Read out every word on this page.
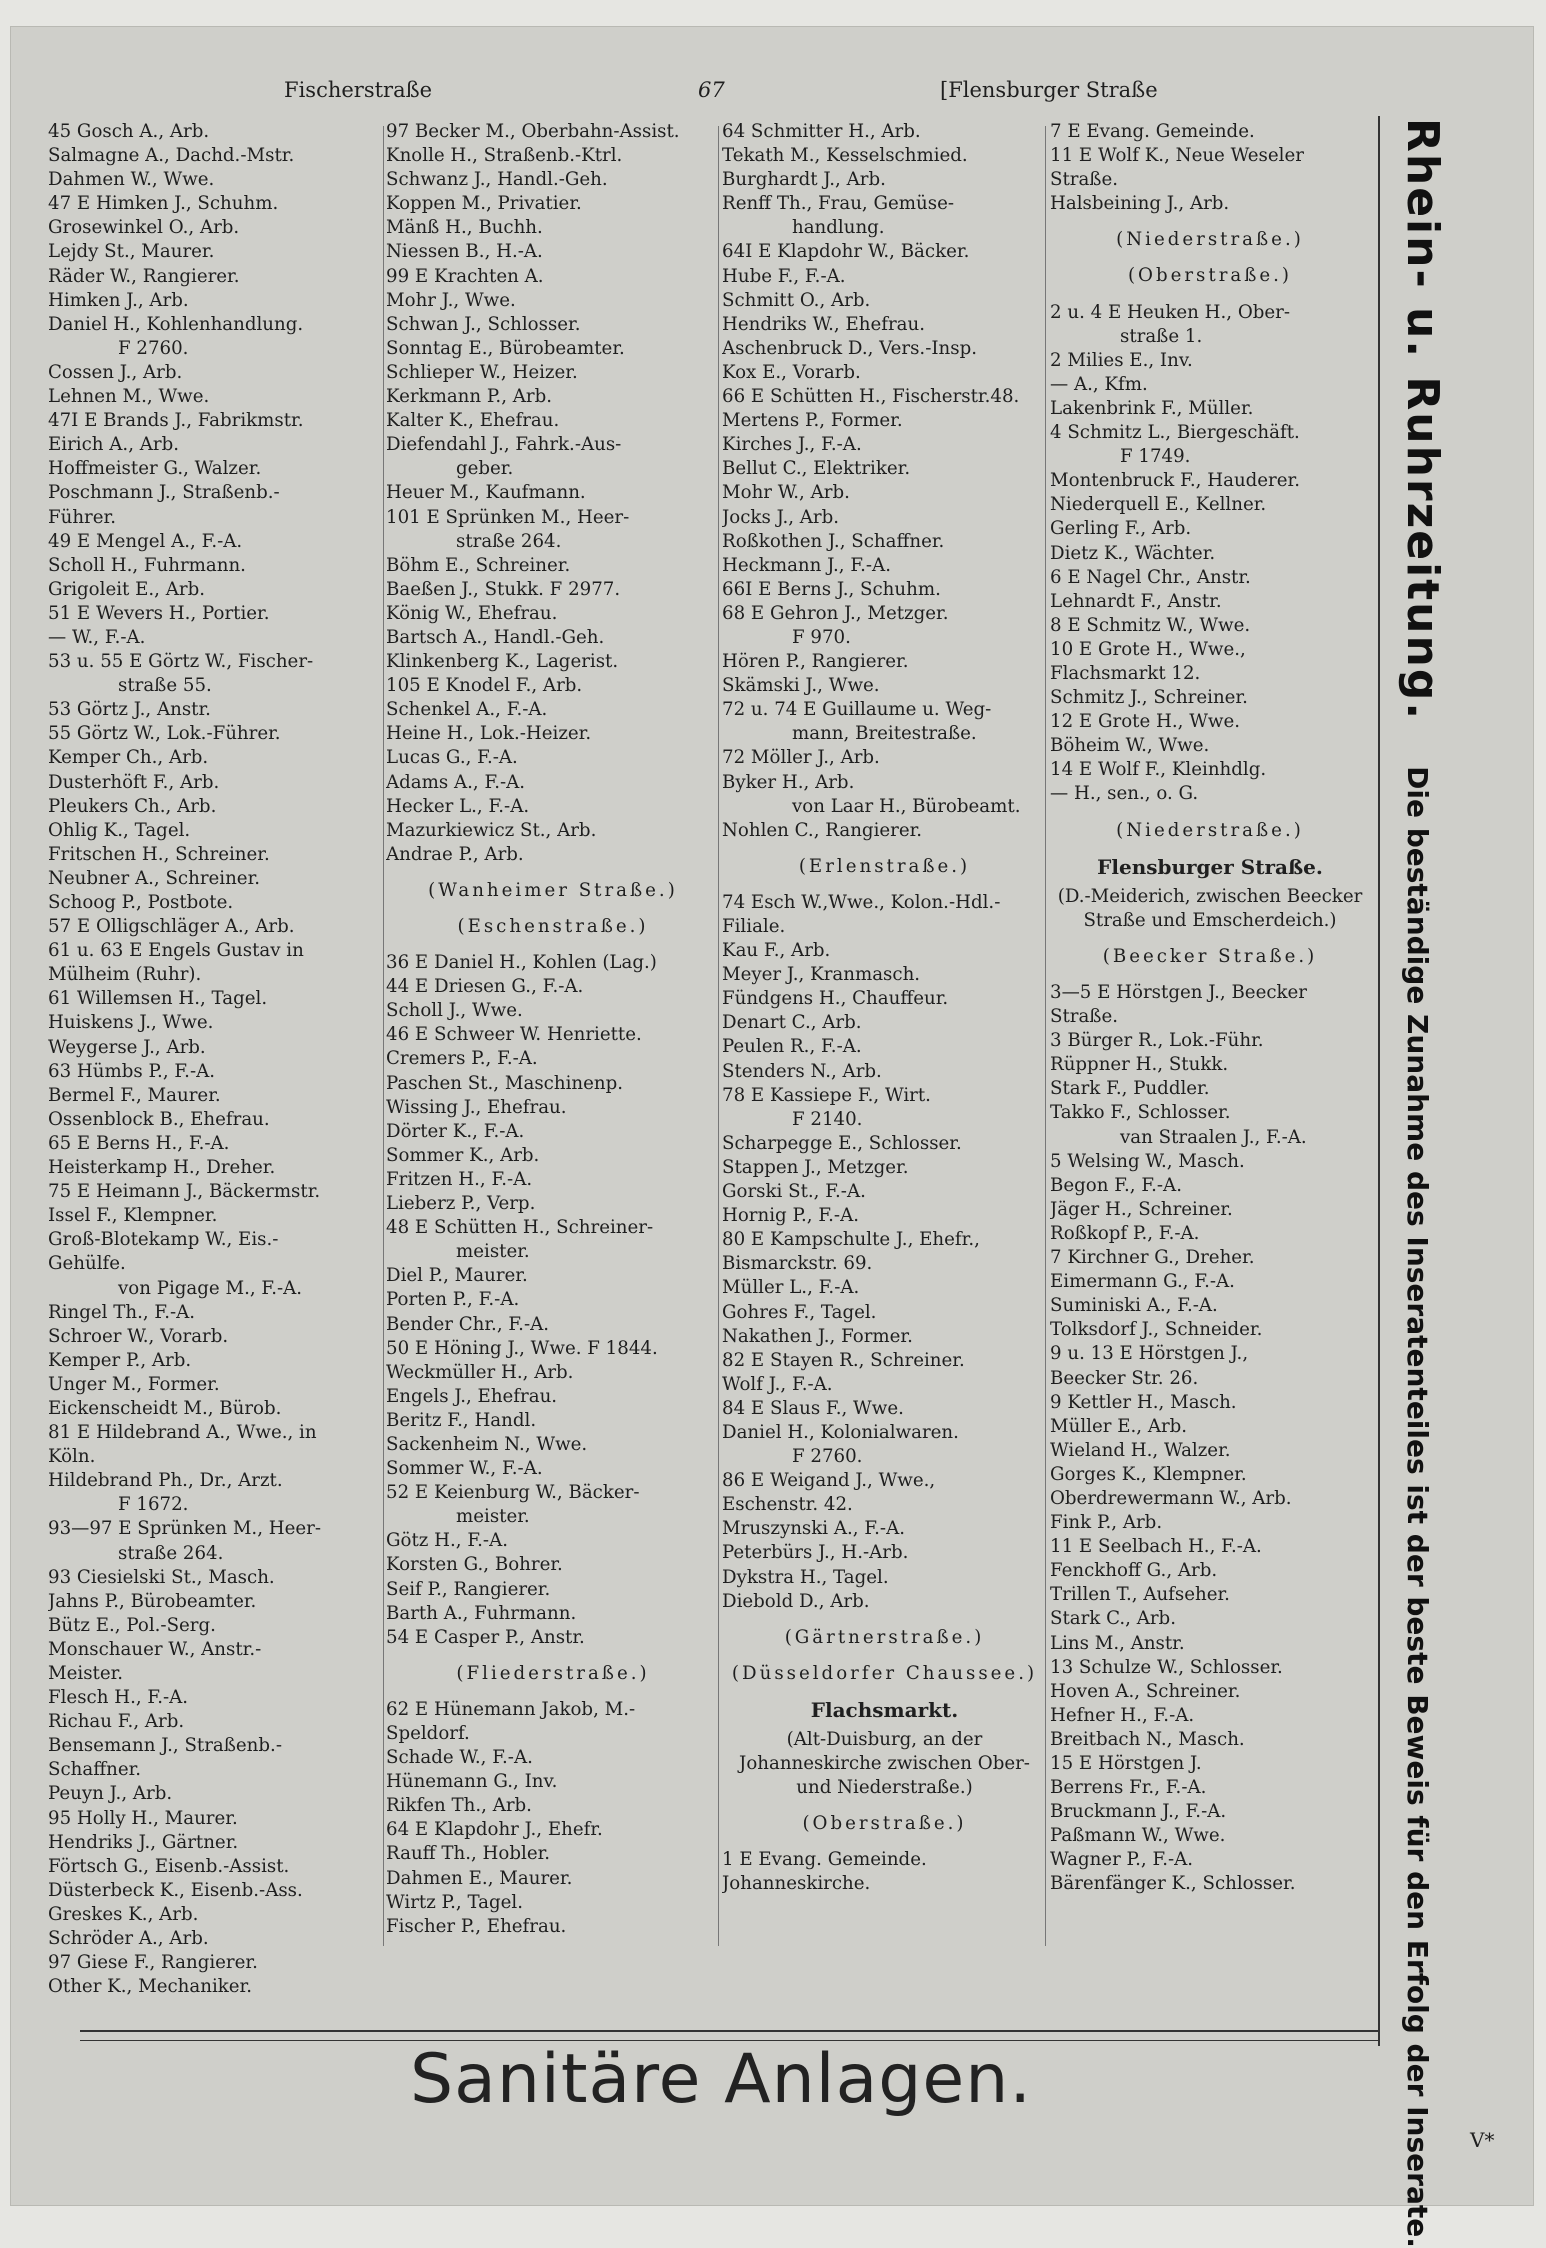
Fischerstraße	67	[Flensburger Straße
45 Gosch A., Arb.
Salmagne A., Dachd.-Mstr.
Dahmen W., Wwe.
47 E Himken J., Schuhm.
Grosewinkel O., Arb.
Lejdy St., Maurer.
Räder W., Rangierer.
Himken J., Arb.
Daniel H., Kohlenhandlung.
F 2760.
Cossen J., Arb.
Lehnen M., Wwe.
47I E Brands J., Fabrikmstr.
Eirich A., Arb.
Hoffmeister G., Walzer.
Poschmann J., Straßenb.-
Führer.
49 E Mengel A., F.-A.
Scholl H., Fuhrmann.
Grigoleit E., Arb.
51 E Wevers H., Portier.
— W., F.-A.
53 u. 55 E Görtz W., Fischer-
straße 55.
53 Görtz J., Anstr.
55 Görtz W., Lok.-Führer.
Kemper Ch., Arb.
Dusterhöft F., Arb.
Pleukers Ch., Arb.
Ohlig K., Tagel.
Fritschen H., Schreiner.
Neubner A., Schreiner.
Schoog P., Postbote.
57 E Olligschläger A., Arb.
61 u. 63 E Engels Gustav in
Mülheim (Ruhr).
61 Willemsen H., Tagel.
Huiskens J., Wwe.
Weygerse J., Arb.
63 Hümbs P., F.-A.
Bermel F., Maurer.
Ossenblock B., Ehefrau.
65 E Berns H., F.-A.
Heisterkamp H., Dreher.
75 E Heimann J., Bäckermstr.
Issel F., Klempner.
Groß-Blotekamp W., Eis.-
Gehülfe.
von Pigage M., F.-A.
Ringel Th., F.-A.
Schroer W., Vorarb.
Kemper P., Arb.
Unger M., Former.
Eickenscheidt M., Bürob.
81 E Hildebrand A., Wwe., in
Köln.
Hildebrand Ph., Dr., Arzt.
F 1672.
93—97 E Sprünken M., Heer-
straße 264.
93 Ciesielski St., Masch.
Jahns P., Bürobeamter.
Bütz E., Pol.-Serg.
Monschauer W., Anstr.-
Meister.
Flesch H., F.-A.
Richau F., Arb.
Bensemann J., Straßenb.-
Schaffner.
Peuyn J., Arb.
95 Holly H., Maurer.
Hendriks J., Gärtner.
Förtsch G., Eisenb.-Assist.
Düsterbeck K., Eisenb.-Ass.
Greskes K., Arb.
Schröder A., Arb.
97 Giese F., Rangierer.
Other K., Mechaniker.
97 Becker M., Oberbahn-Assist.
Knolle H., Straßenb.-Ktrl.
Schwanz J., Handl.-Geh.
Koppen M., Privatier.
Mänß H., Buchh.
Niessen B., H.-A.
99 E Krachten A.
Mohr J., Wwe.
Schwan J., Schlosser.
Sonntag E., Bürobeamter.
Schlieper W., Heizer.
Kerkmann P., Arb.
Kalter K., Ehefrau.
Diefendahl J., Fahrk.-Aus-
geber.
Heuer M., Kaufmann.
101 E Sprünken M., Heer-
straße 264.
Böhm E., Schreiner.
Baeßen J., Stukk. F 2977.
König W., Ehefrau.
Bartsch A., Handl.-Geh.
Klinkenberg K., Lagerist.
105 E Knodel F., Arb.
Schenkel A., F.-A.
Heine H., Lok.-Heizer.
Lucas G., F.-A.
Adams A., F.-A.
Hecker L., F.-A.
Mazurkiewicz St., Arb.
Andrae P., Arb.
(Wanheimer Straße.)
(Eschenstraße.)
36 E Daniel H., Kohlen (Lag.)
44 E Driesen G., F.-A.
Scholl J., Wwe.
46 E Schweer W. Henriette.
Cremers P., F.-A.
Paschen St., Maschinenp.
Wissing J., Ehefrau.
Dörter K., F.-A.
Sommer K., Arb.
Fritzen H., F.-A.
Lieberz P., Verp.
48 E Schütten H., Schreiner-
meister.
Diel P., Maurer.
Porten P., F.-A.
Bender Chr., F.-A.
50 E Höning J., Wwe. F 1844.
Weckmüller H., Arb.
Engels J., Ehefrau.
Beritz F., Handl.
Sackenheim N., Wwe.
Sommer W., F.-A.
52 E Keienburg W., Bäcker-
meister.
Götz H., F.-A.
Korsten G., Bohrer.
Seif P., Rangierer.
Barth A., Fuhrmann.
54 E Casper P., Anstr.
(Fliederstraße.)
62 E Hünemann Jakob, M.-
Speldorf.
Schade W., F.-A.
Hünemann G., Inv.
Rikfen Th., Arb.
64 E Klapdohr J., Ehefr.
Rauff Th., Hobler.
Dahmen E., Maurer.
Wirtz P., Tagel.
Fischer P., Ehefrau.
64 Schmitter H., Arb.
Tekath M., Kesselschmied.
Burghardt J., Arb.
Renff Th., Frau, Gemüse-
handlung.
64I E Klapdohr W., Bäcker.
Hube F., F.-A.
Schmitt O., Arb.
Hendriks W., Ehefrau.
Aschenbruck D., Vers.-Insp.
Kox E., Vorarb.
66 E Schütten H., Fischerstr.48.
Mertens P., Former.
Kirches J., F.-A.
Bellut C., Elektriker.
Mohr W., Arb.
Jocks J., Arb.
Roßkothen J., Schaffner.
Heckmann J., F.-A.
66I E Berns J., Schuhm.
68 E Gehron J., Metzger.
F 970.
Hören P., Rangierer.
Skämski J., Wwe.
72 u. 74 E Guillaume u. Weg-
mann, Breitestraße.
72 Möller J., Arb.
Byker H., Arb.
von Laar H., Bürobeamt.
Nohlen C., Rangierer.
(Erlenstraße.)
74 Esch W.,Wwe., Kolon.-Hdl.-
Filiale.
Kau F., Arb.
Meyer J., Kranmasch.
Fündgens H., Chauffeur.
Denart C., Arb.
Peulen R., F.-A.
Stenders N., Arb.
78 E Kassiepe F., Wirt.
F 2140.
Scharpegge E., Schlosser.
Stappen J., Metzger.
Gorski St., F.-A.
Hornig P., F.-A.
80 E Kampschulte J., Ehefr.,
Bismarckstr. 69.
Müller L., F.-A.
Gohres F., Tagel.
Nakathen J., Former.
82 E Stayen R., Schreiner.
Wolf J., F.-A.
84 E Slaus F., Wwe.
Daniel H., Kolonialwaren.
F 2760.
86 E Weigand J., Wwe.,
Eschenstr. 42.
Mruszynski A., F.-A.
Peterbürs J., H.-Arb.
Dykstra H., Tagel.
Diebold D., Arb.
(Gärtnerstraße.)
(Düsseldorfer Chaussee.)
Flachsmarkt.
(Alt-Duisburg, an der Johanneskirche zwischen Ober- und Niederstraße.)
(Oberstraße.)
1 E Evang. Gemeinde.
Johanneskirche.
7 E Evang. Gemeinde.
11 E Wolf K., Neue Weseler
Straße.
Halsbeining J., Arb.
(Niederstraße.)
(Oberstraße.)
2 u. 4 E Heuken H., Ober-
straße 1.
2 Milies E., Inv.
— A., Kfm.
Lakenbrink F., Müller.
4 Schmitz L., Biergeschäft.
F 1749.
Montenbruck F., Hauderer.
Niederquell E., Kellner.
Gerling F., Arb.
Dietz K., Wächter.
6 E Nagel Chr., Anstr.
Lehnardt F., Anstr.
8 E Schmitz W., Wwe.
10 E Grote H., Wwe.,
Flachsmarkt 12.
Schmitz J., Schreiner.
12 E Grote H., Wwe.
Böheim W., Wwe.
14 E Wolf F., Kleinhdlg.
— H., sen., o. G.
(Niederstraße.)
Flensburger Straße.
(D.-Meiderich, zwischen Beecker Straße und Emscherdeich.)
(Beecker Straße.)
3—5 E Hörstgen J., Beecker
Straße.
3 Bürger R., Lok.-Führ.
Rüppner H., Stukk.
Stark F., Puddler.
Takko F., Schlosser.
van Straalen J., F.-A.
5 Welsing W., Masch.
Begon F., F.-A.
Jäger H., Schreiner.
Roßkopf P., F.-A.
7 Kirchner G., Dreher.
Eimermann G., F.-A.
Suminiski A., F.-A.
Tolksdorf J., Schneider.
9 u. 13 E Hörstgen J.,
Beecker Str. 26.
9 Kettler H., Masch.
Müller E., Arb.
Wieland H., Walzer.
Gorges K., Klempner.
Oberdrewermann W., Arb.
Fink P., Arb.
11 E Seelbach H., F.-A.
Fenckhoff G., Arb.
Trillen T., Aufseher.
Stark C., Arb.
Lins M., Anstr.
13 Schulze W., Schlosser.
Hoven A., Schreiner.
Hefner H., F.-A.
Breitbach N., Masch.
15 E Hörstgen J.
Berrens Fr., F.-A.
Bruckmann J., F.-A.
Paßmann W., Wwe.
Wagner P., F.-A.
Bärenfänger K., Schlosser.
Rhein- u. Ruhrzeitung. Die beständige Zunahme des Inseratenteiles ist der beste Beweis für den Erfolg der Inserate.
Sanitäre Anlagen.
V*
